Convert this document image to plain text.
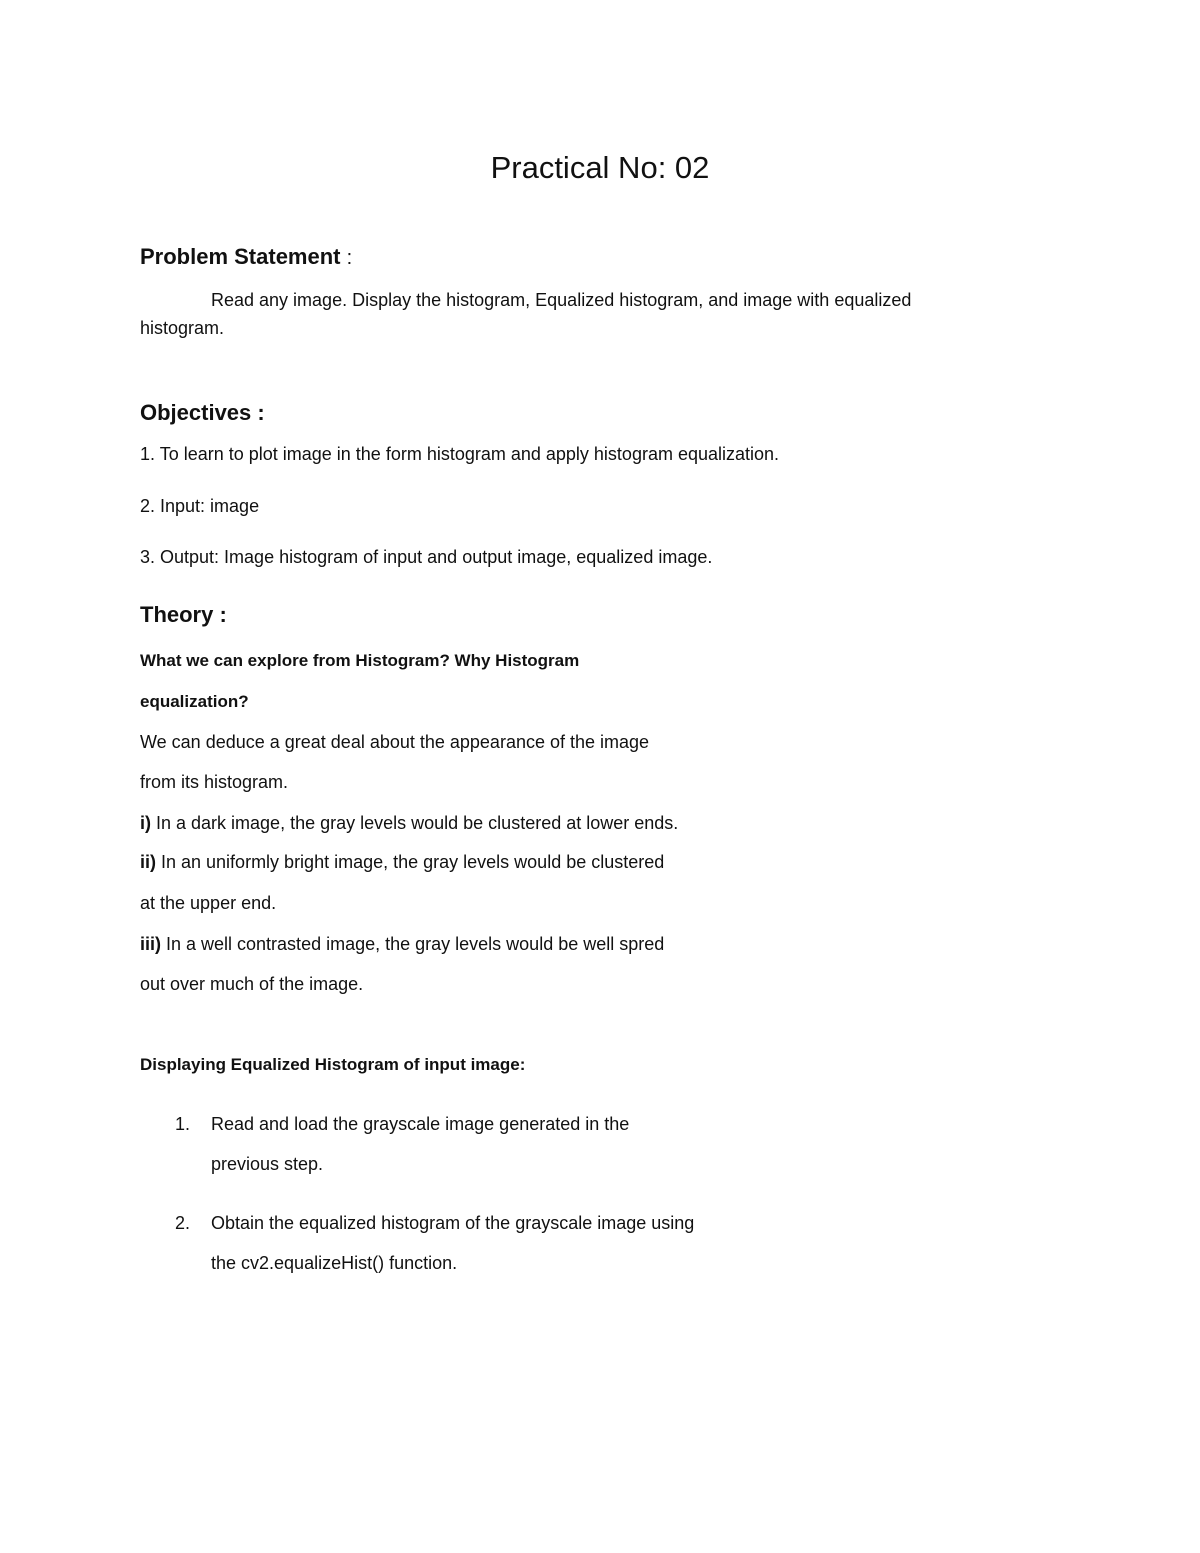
Practical No: 02
Problem Statement :
Read any image. Display the histogram, Equalized histogram, and image with equalized
histogram.
Objectives :
1. To learn to plot image in the form histogram and apply histogram equalization.
2. Input: image
3. Output: Image histogram of input and output image, equalized image.
Theory :
What we can explore from Histogram? Why Histogram
equalization?
We can deduce a great deal about the appearance of the image
from its histogram.
i) In a dark image, the gray levels would be clustered at lower ends.
ii) In an uniformly bright image, the gray levels would be clustered
at the upper end.
iii) In a well contrasted image, the gray levels would be well spred
out over much of the image.
Displaying Equalized Histogram of input image:
1. Read and load the grayscale image generated in the
previous step.
2. Obtain the equalized histogram of the grayscale image using
the cv2.equalizeHist() function.
